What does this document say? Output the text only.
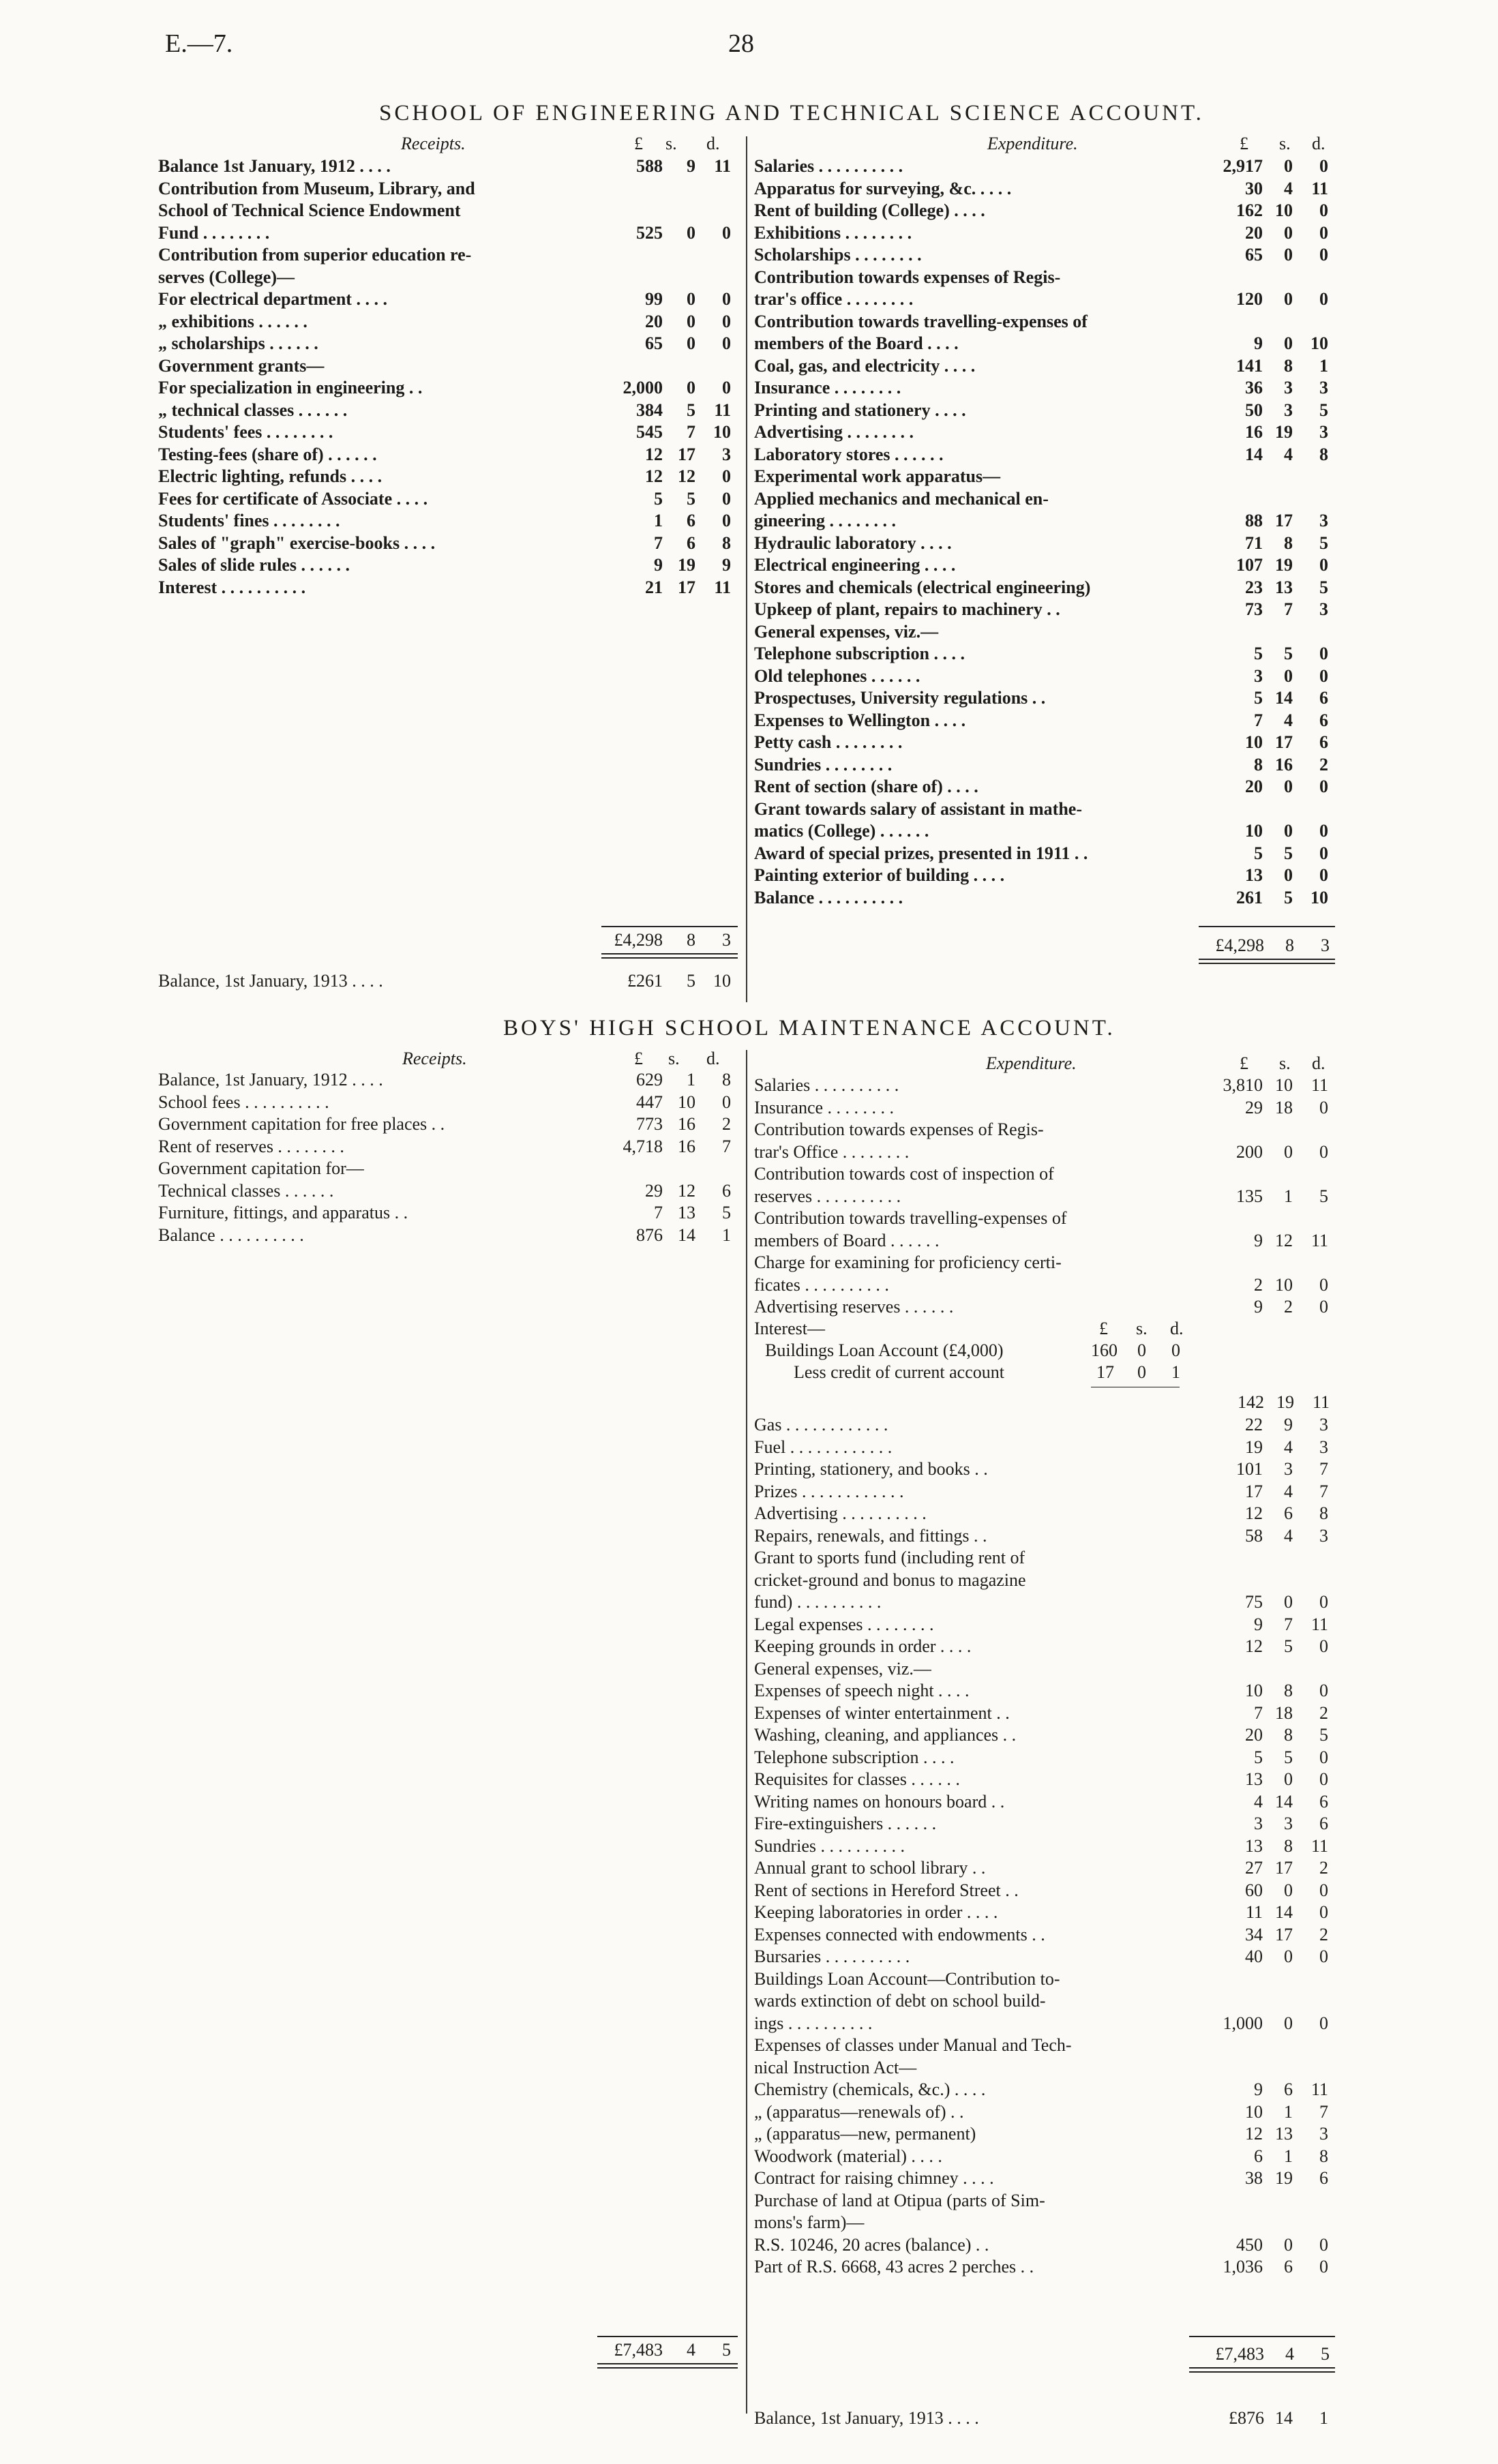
E.—7.	28
SCHOOL OF ENGINEERING AND TECHNICAL SCIENCE ACCOUNT.
Receipts.	£ s. d.	Expenditure.	£ s. d.
Balance 1st January, 1912 . . . .	588 9 11
Contribution from Museum, Library, and
School of Technical Science Endowment
Fund . . . . . . . .	525 0 0
Contribution from superior education re-
serves (College)—
For electrical department . . . .	99 0 0
„ exhibitions . . . . . .	20 0 0
„ scholarships . . . . . .	65 0 0
Government grants—
For specialization in engineering . .	2,000 0 0
„ technical classes . . . . . .	384 5 11
Students' fees . . . . . . . .	545 7 10
Testing-fees (share of) . . . . . .	12 17 3
Electric lighting, refunds . . . .	12 12 0
Fees for certificate of Associate . . . .	5 5 0
Students' fines . . . . . . . .	1 6 0
Sales of "graph" exercise-books . . . .	7 6 8
Sales of slide rules . . . . . .	9 19 9
Interest . . . . . . . . . .	21 17 11
Salaries . . . . . . . . . .	2,917 0 0
Apparatus for surveying, &c. . . . .	30 4 11
Rent of building (College) . . . .	162 10 0
Exhibitions . . . . . . . .	20 0 0
Scholarships . . . . . . . .	65 0 0
Contribution towards expenses of Regis-
trar's office . . . . . . . .	120 0 0
Contribution towards travelling-expenses of
members of the Board . . . .	9 0 10
Coal, gas, and electricity . . . .	141 8 1
Insurance . . . . . . . .	36 3 3
Printing and stationery . . . .	50 3 5
Advertising . . . . . . . .	16 19 3
Laboratory stores . . . . . .	14 4 8
Experimental work apparatus—
Applied mechanics and mechanical en-
gineering . . . . . . . .	88 17 3
Hydraulic laboratory . . . .	71 8 5
Electrical engineering . . . .	107 19 0
Stores and chemicals (electrical engineering)	23 13 5
Upkeep of plant, repairs to machinery . .	73 7 3
General expenses, viz.—
Telephone subscription . . . .	5 5 0
Old telephones . . . . . .	3 0 0
Prospectuses, University regulations . .	5 14 6
Expenses to Wellington . . . .	7 4 6
Petty cash . . . . . . . .	10 17 6
Sundries . . . . . . . .	8 16 2
Rent of section (share of) . . . .	20 0 0
Grant towards salary of assistant in mathe-
matics (College) . . . . . .	10 0 0
Award of special prizes, presented in 1911 . .	5 5 0
Painting exterior of building . . . .	13 0 0
Balance . . . . . . . . . .	261 5 10
£4,298 8 3	£4,298 8 3
Balance, 1st January, 1913 . . . .	£261 5 10
BOYS' HIGH SCHOOL MAINTENANCE ACCOUNT.
Receipts.	£ s. d.	Expenditure.	£ s. d.
Balance, 1st January, 1912 . . . .	629 1 8
School fees . . . . . . . . . .	447 10 0
Government capitation for free places . .	773 16 2
Rent of reserves . . . . . . . .	4,718 16 7
Government capitation for—
Technical classes . . . . . .	29 12 6
Furniture, fittings, and apparatus . .	7 13 5
Balance . . . . . . . . . .	876 14 1
Salaries . . . . . . . . . .	3,810 10 11
Insurance . . . . . . . .	29 18 0
Contribution towards expenses of Regis-
trar's Office . . . . . . . .	200 0 0
Contribution towards cost of inspection of
reserves . . . . . . . . . .	135 1 5
Contribution towards travelling-expenses of
members of Board . . . . . .	9 12 11
Charge for examining for proficiency certi-
ficates . . . . . . . . . .	2 10 0
Advertising reserves . . . . . .	9 2 0
Interest—	£ s. d.
Buildings Loan Account (£4,000)	160 0 0
Less credit of current account	17 0 1
142 19 11
Gas . . . . . . . . . . . .	22 9 3
Fuel . . . . . . . . . . . .	19 4 3
Printing, stationery, and books . .	101 3 7
Prizes . . . . . . . . . . . .	17 4 7
Advertising . . . . . . . . . .	12 6 8
Repairs, renewals, and fittings . .	58 4 3
Grant to sports fund (including rent of
cricket-ground and bonus to magazine
fund) . . . . . . . . . .	75 0 0
Legal expenses . . . . . . . .	9 7 11
Keeping grounds in order . . . .	12 5 0
General expenses, viz.—
Expenses of speech night . . . .	10 8 0
Expenses of winter entertainment . .	7 18 2
Washing, cleaning, and appliances . .	20 8 5
Telephone subscription . . . .	5 5 0
Requisites for classes . . . . . .	13 0 0
Writing names on honours board . .	4 14 6
Fire-extinguishers . . . . . .	3 3 6
Sundries . . . . . . . . . .	13 8 11
Annual grant to school library . .	27 17 2
Rent of sections in Hereford Street . .	60 0 0
Keeping laboratories in order . . . .	11 14 0
Expenses connected with endowments . .	34 17 2
Bursaries . . . . . . . . . .	40 0 0
Buildings Loan Account—Contribution to-
wards extinction of debt on school build-
ings . . . . . . . . . .	1,000 0 0
Expenses of classes under Manual and Tech-
nical Instruction Act—
Chemistry (chemicals, &c.) . . . .	9 6 11
„ (apparatus—renewals of) . .	10 1 7
„ (apparatus—new, permanent)	12 13 3
Woodwork (material) . . . .	6 1 8
Contract for raising chimney . . . .	38 19 6
Purchase of land at Otipua (parts of Sim-
mons's farm)—
R.S. 10246, 20 acres (balance) . .	450 0 0
Part of R.S. 6668, 43 acres 2 perches . .	1,036 6 0
£7,483 4 5	£7,483 4 5
Balance, 1st January, 1913 . . . .	£876 14 1
